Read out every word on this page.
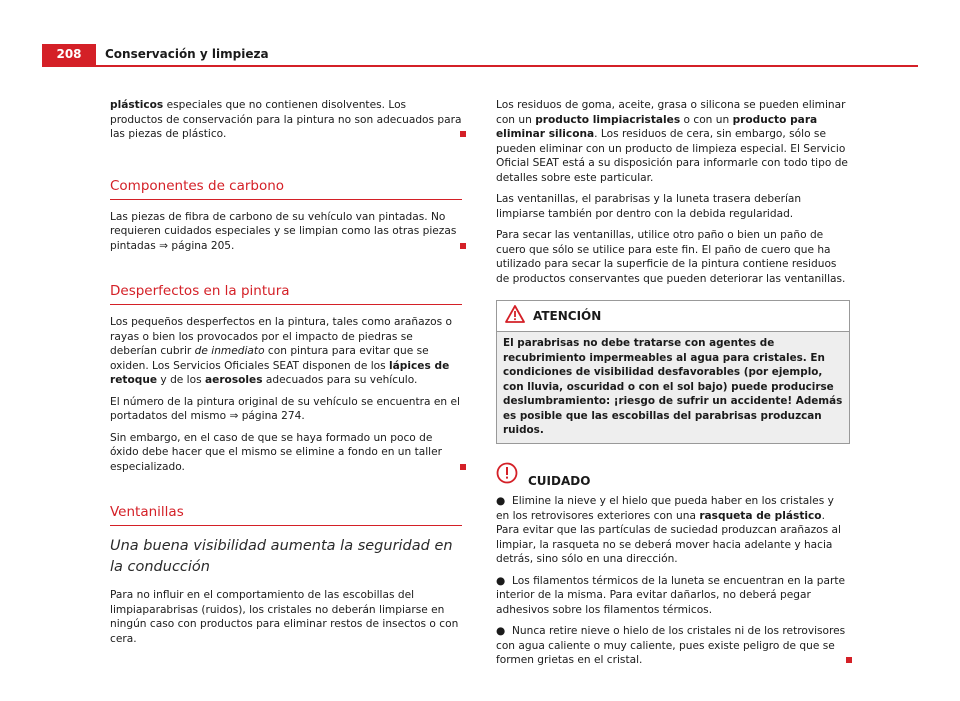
208	Conservación y limpieza

plásticos especiales que no contienen disolventes. Los productos de conservación para la pintura no son adecuados para las piezas de plástico.

Componentes de carbono

Las piezas de fibra de carbono de su vehículo van pintadas. No requieren cuidados especiales y se limpian como las otras piezas pintadas ⇒ página 205.

Desperfectos en la pintura

Los pequeños desperfectos en la pintura, tales como arañazos o rayas o bien los provocados por el impacto de piedras se deberían cubrir de inmediato con pintura para evitar que se oxiden. Los Servicios Oficiales SEAT disponen de los lápices de retoque y de los aerosoles adecuados para su vehículo.

El número de la pintura original de su vehículo se encuentra en el portadatos del mismo ⇒ página 274.

Sin embargo, en el caso de que se haya formado un poco de óxido debe hacer que el mismo se elimine a fondo en un taller especializado.

Ventanillas
Una buena visibilidad aumenta la seguridad en la conducción

Para no influir en el comportamiento de las escobillas del limpiaparabrisas (ruidos), los cristales no deberán limpiarse en ningún caso con productos para eliminar restos de insectos o con cera.

Los residuos de goma, aceite, grasa o silicona se pueden eliminar con un producto limpiacristales o con un producto para eliminar silicona. Los residuos de cera, sin embargo, sólo se pueden eliminar con un producto de limpieza especial. El Servicio Oficial SEAT está a su disposición para informarle con todo tipo de detalles sobre este particular.

Las ventanillas, el parabrisas y la luneta trasera deberían limpiarse también por dentro con la debida regularidad.

Para secar las ventanillas, utilice otro paño o bien un paño de cuero que sólo se utilice para este fin. El paño de cuero que ha utilizado para secar la superficie de la pintura contiene residuos de productos conservantes que pueden deteriorar las ventanillas.

ATENCIÓN
El parabrisas no debe tratarse con agentes de recubrimiento impermeables al agua para cristales. En condiciones de visibilidad desfavorables (por ejemplo, con lluvia, oscuridad o con el sol bajo) puede producirse deslumbramiento: ¡riesgo de sufrir un accidente! Además es posible que las escobillas del parabrisas produzcan ruidos.
CUIDADO

● Elimine la nieve y el hielo que pueda haber en los cristales y en los retrovisores exteriores con una rasqueta de plástico. Para evitar que las partículas de suciedad produzcan arañazos al limpiar, la rasqueta no se deberá mover hacia adelante y hacia detrás, sino sólo en una dirección.

● Los filamentos térmicos de la luneta se encuentran en la parte interior de la misma. Para evitar dañarlos, no deberá pegar adhesivos sobre los filamentos térmicos.

● Nunca retire nieve o hielo de los cristales ni de los retrovisores con agua caliente o muy caliente, pues existe peligro de que se formen grietas en el cristal.
